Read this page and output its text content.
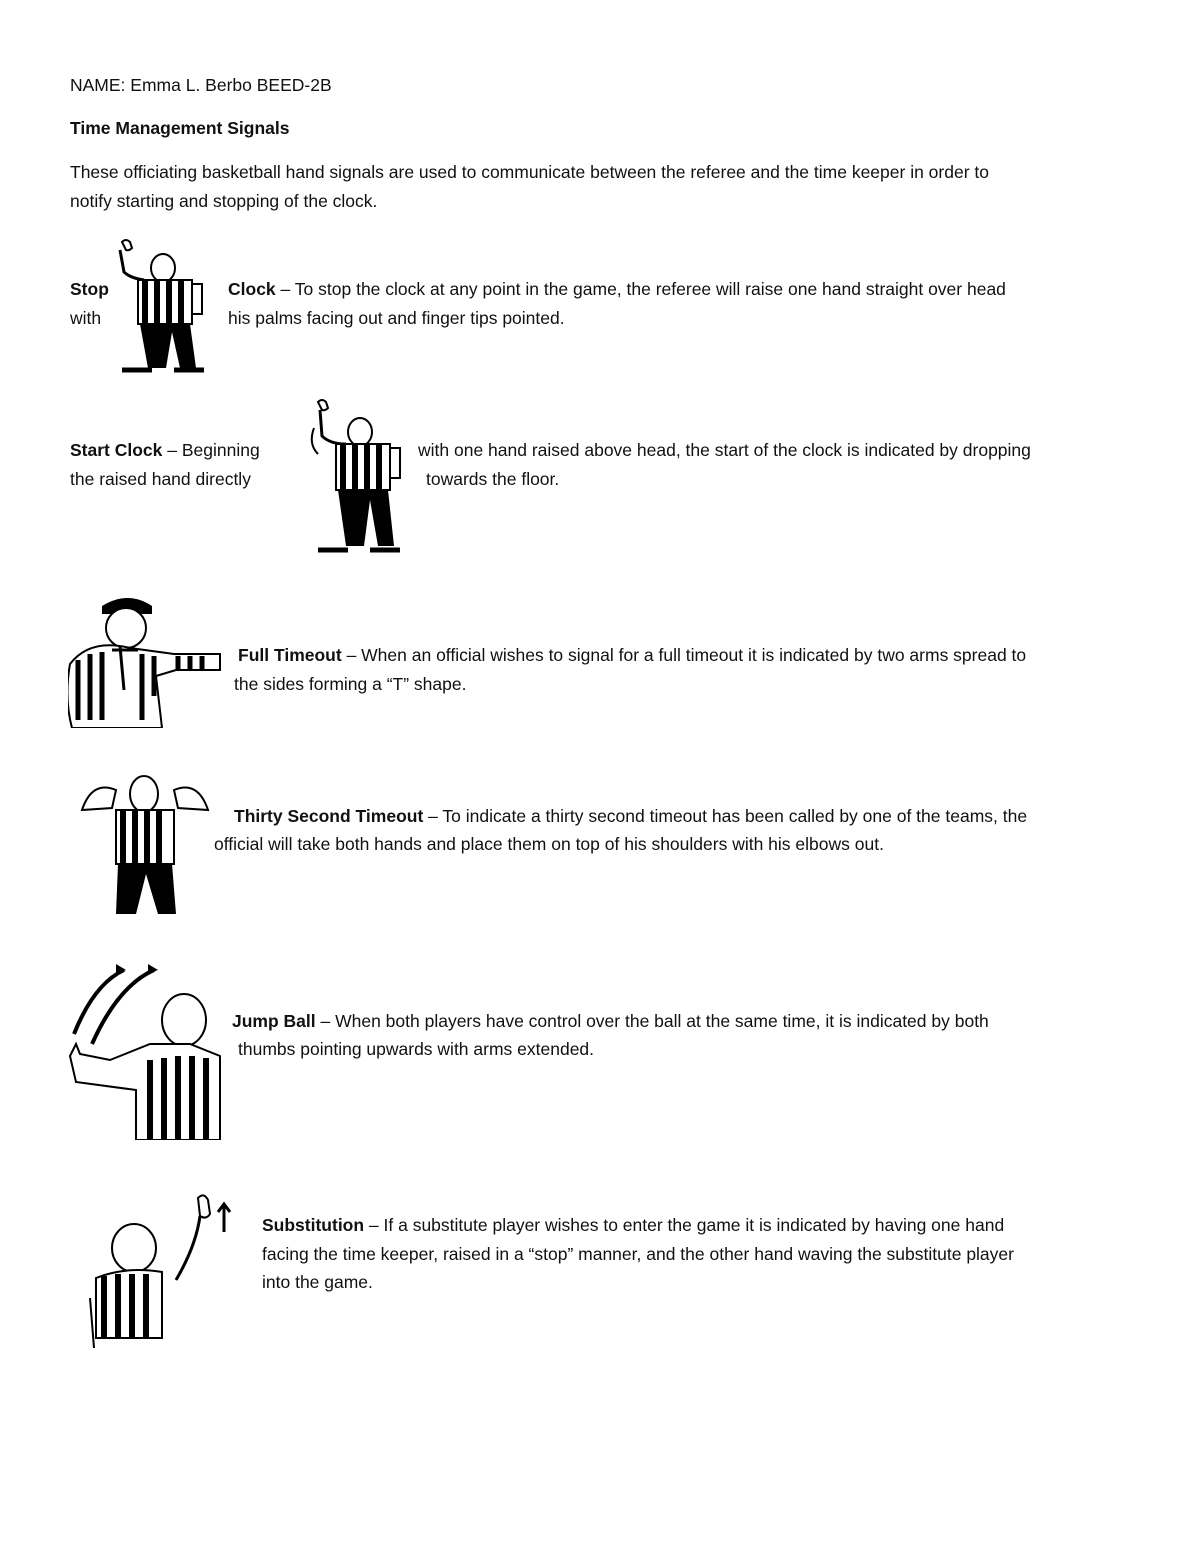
NAME: Emma L. Berbo BEED-2B
Time Management Signals
These officiating basketball hand signals are used to communicate between the referee and the time keeper in order to
notify starting and stopping of the clock.
Stop	Clock – To stop the clock at any point in the game, the referee will raise one hand straight over head
with	his palms facing out and finger tips pointed.
Start Clock – Beginning	with one hand raised above head, the start of the clock is indicated by dropping
the raised hand directly	towards the floor.
Full Timeout – When an official wishes to signal for a full timeout it is indicated by two arms spread to
the sides forming a “T” shape.
Thirty Second Timeout – To indicate a thirty second timeout has been called by one of the teams, the
official will take both hands and place them on top of his shoulders with his elbows out.
Jump Ball – When both players have control over the ball at the same time, it is indicated by both
thumbs pointing upwards with arms extended.
Substitution – If a substitute player wishes to enter the game it is indicated by having one hand
facing the time keeper, raised in a “stop” manner, and the other hand waving the substitute player
into the game.
